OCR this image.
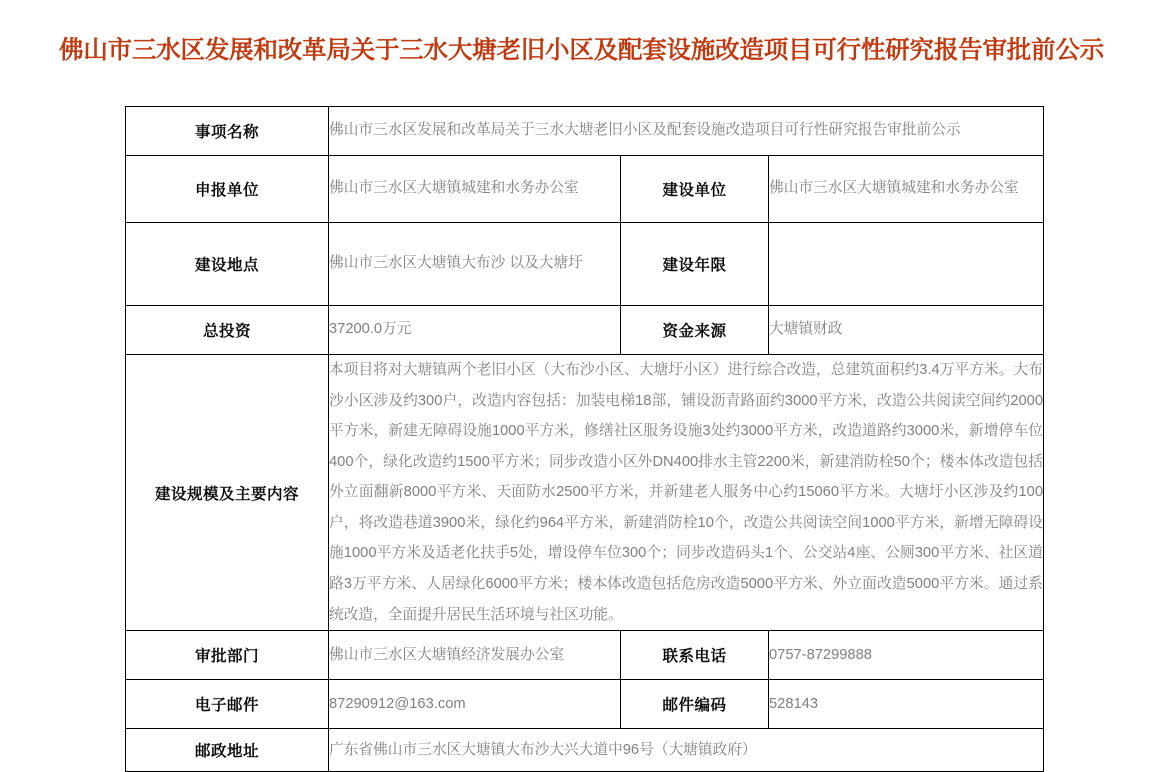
佛山市三水区发展和改革局关于三水大塘老旧小区及配套设施改造项目可行性研究报告审批前公示
事项名称	佛山市三水区发展和改革局关于三水大塘老旧小区及配套设施改造项目可行性研究报告审批前公示		
申报单位	佛山市三水区大塘镇城建和水务办公室	建设单位	佛山市三水区大塘镇城建和水务办公室
建设地点	佛山市三水区大塘镇大布沙 以及大塘圩	建设年限	
总投资	37200.0万元	资金来源	大塘镇财政
建设规模及主要内容	本项目将对大塘镇两个老旧小区（大布沙小区、大塘圩小区）进行综合改造，总建筑面积约3.4万平方米。大布沙小区涉及约300户，改造内容包括：加装电梯18部，铺设沥青路面约3000平方米，改造公共阅读空间约2000平方米，新建无障碍设施1000平方米，修缮社区服务设施3处约3000平方米，改造道路约3000米，新增停车位400个，绿化改造约1500平方米；同步改造小区外DN400排水主管2200米，新建消防栓50个；楼本体改造包括外立面翻新8000平方米、天面防水2500平方米，并新建老人服务中心约15060平方米。大塘圩小区涉及约100户，将改造巷道3900米，绿化约964平方米，新建消防栓10个，改造公共阅读空间1000平方米，新增无障碍设施1000平方米及适老化扶手5处，增设停车位300个；同步改造码头1个、公交站4座、公厕300平方米、社区道路3万平方米、人居绿化6000平方米；楼本体改造包括危房改造5000平方米、外立面改造5000平方米。通过系统改造，全面提升居民生活环境与社区功能。		
审批部门	佛山市三水区大塘镇经济发展办公室	联系电话	0757-87299888
电子邮件	87290912@163.com	邮件编码	528143
邮政地址	广东省佛山市三水区大塘镇大布沙大兴大道中96号（大塘镇政府）		
